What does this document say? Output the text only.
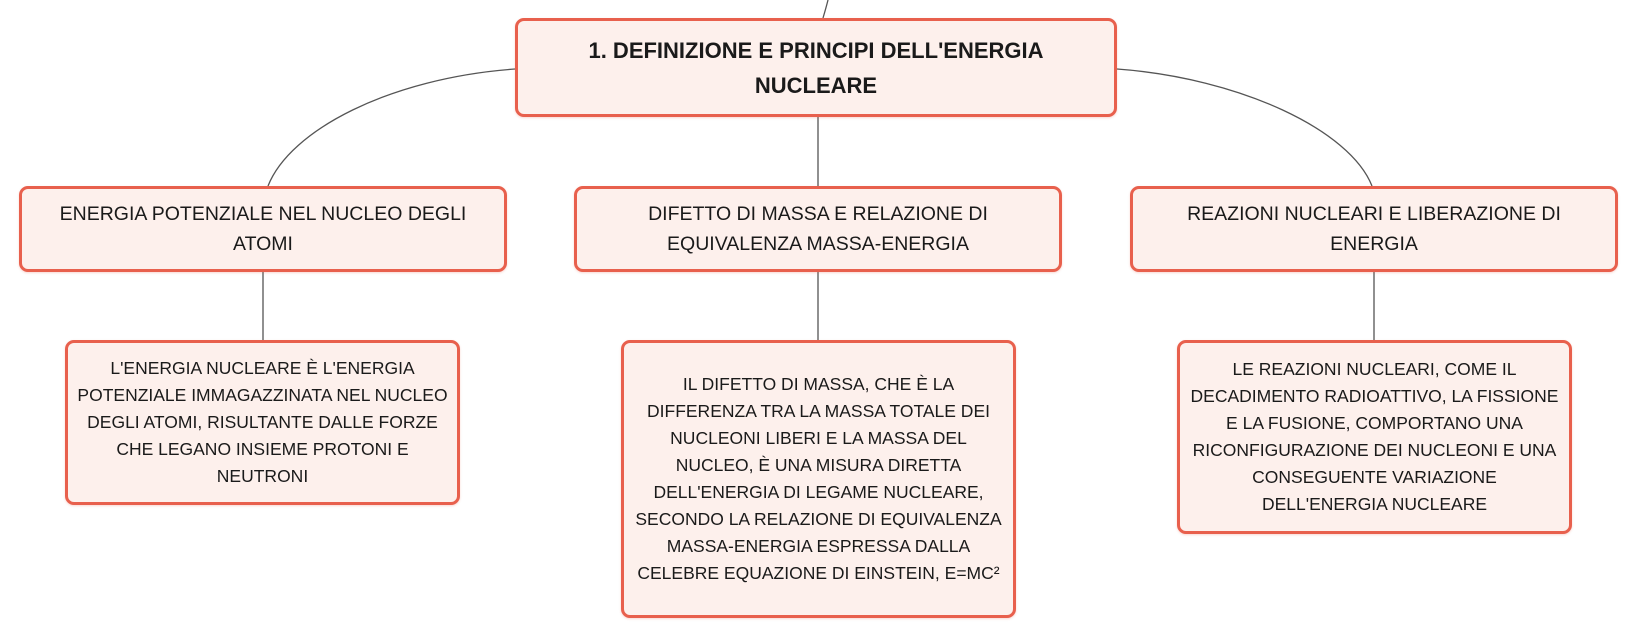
1. DEFINIZIONE E PRINCIPI DELL'ENERGIA NUCLEARE
ENERGIA POTENZIALE NEL NUCLEO DEGLI ATOMI
DIFETTO DI MASSA E RELAZIONE DI EQUIVALENZA MASSA-ENERGIA
REAZIONI NUCLEARI E LIBERAZIONE DI ENERGIA
L'ENERGIA NUCLEARE È L'ENERGIA POTENZIALE IMMAGAZZINATA NEL NUCLEO DEGLI ATOMI, RISULTANTE DALLE FORZE CHE LEGANO INSIEME PROTONI E NEUTRONI
IL DIFETTO DI MASSA, CHE È LA DIFFERENZA TRA LA MASSA TOTALE DEI NUCLEONI LIBERI E LA MASSA DEL NUCLEO, È UNA MISURA DIRETTA DELL'ENERGIA DI LEGAME NUCLEARE, SECONDO LA RELAZIONE DI EQUIVALENZA MASSA-ENERGIA ESPRESSA DALLA CELEBRE EQUAZIONE DI EINSTEIN, E=MC²
LE REAZIONI NUCLEARI, COME IL DECADIMENTO RADIOATTIVO, LA FISSIONE E LA FUSIONE, COMPORTANO UNA RICONFIGURAZIONE DEI NUCLEONI E UNA CONSEGUENTE VARIAZIONE DELL'ENERGIA NUCLEARE
